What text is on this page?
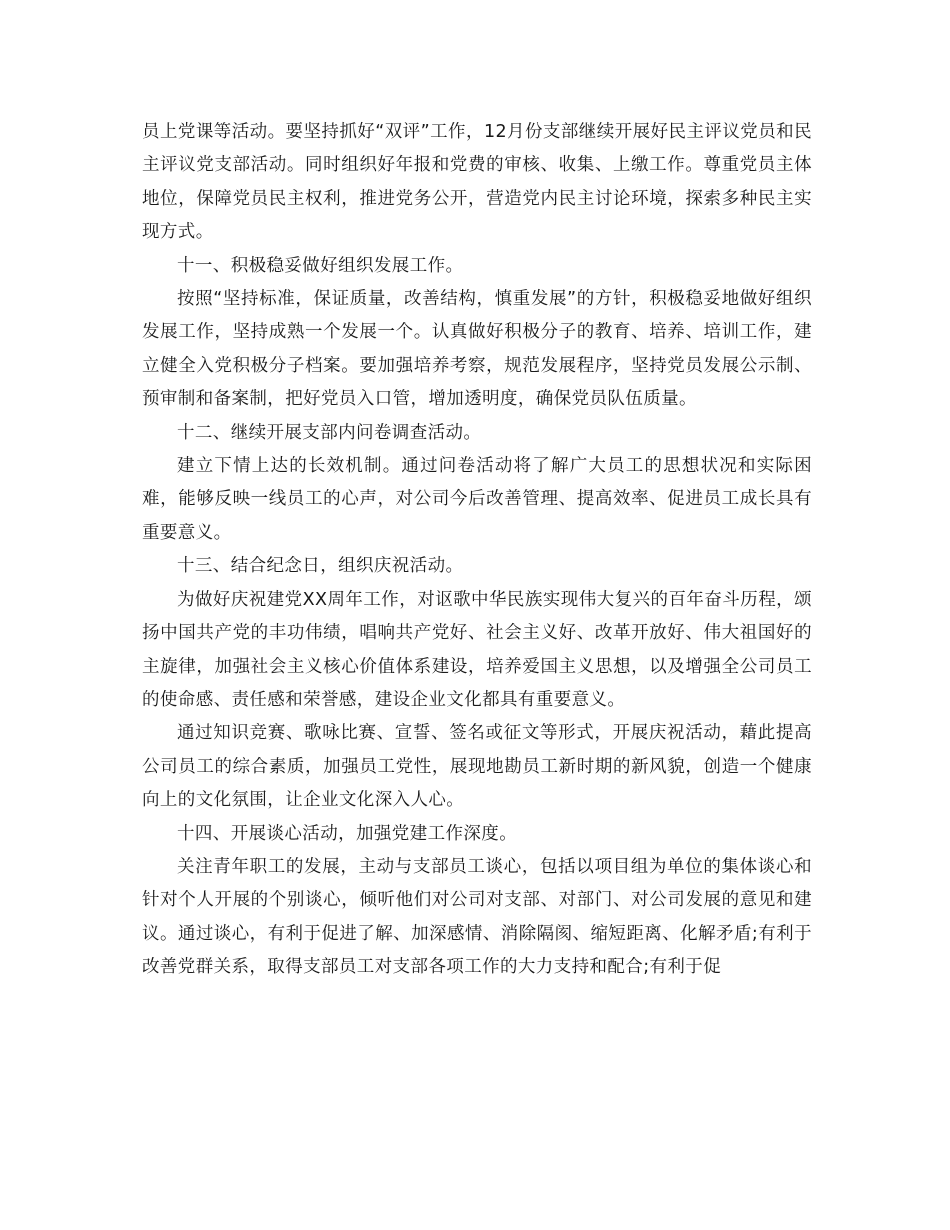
员上党课等活动。要坚持抓好“双评”工作，12月份支部继续开展好民主评议党员和民主评议党支部活动。同时组织好年报和党费的审核、收集、上缴工作。尊重党员主体地位，保障党员民主权利，推进党务公开，营造党内民主讨论环境，探索多种民主实现方式。

十一、积极稳妥做好组织发展工作。

按照“坚持标准，保证质量，改善结构，慎重发展”的方针，积极稳妥地做好组织发展工作，坚持成熟一个发展一个。认真做好积极分子的教育、培养、培训工作，建立健全入党积极分子档案。要加强培养考察，规范发展程序，坚持党员发展公示制、预审制和备案制，把好党员入口管，增加透明度，确保党员队伍质量。

十二、继续开展支部内问卷调查活动。

建立下情上达的长效机制。通过问卷活动将了解广大员工的思想状况和实际困难，能够反映一线员工的心声，对公司今后改善管理、提高效率、促进员工成长具有重要意义。

十三、结合纪念日，组织庆祝活动。

为做好庆祝建党XX周年工作，对讴歌中华民族实现伟大复兴的百年奋斗历程，颂扬中国共产党的丰功伟绩，唱响共产党好、社会主义好、改革开放好、伟大祖国好的主旋律，加强社会主义核心价值体系建设，培养爱国主义思想，以及增强全公司员工的使命感、责任感和荣誉感，建设企业文化都具有重要意义。

通过知识竞赛、歌咏比赛、宣誓、签名或征文等形式，开展庆祝活动，藉此提高公司员工的综合素质，加强员工党性，展现地勘员工新时期的新风貌，创造一个健康向上的文化氛围，让企业文化深入人心。

十四、开展谈心活动，加强党建工作深度。

关注青年职工的发展，主动与支部员工谈心，包括以项目组为单位的集体谈心和针对个人开展的个别谈心，倾听他们对公司对支部、对部门、对公司发展的意见和建议。通过谈心，有利于促进了解、加深感情、消除隔阂、缩短距离、化解矛盾;有利于改善党群关系，取得支部员工对支部各项工作的大力支持和配合;有利于促
